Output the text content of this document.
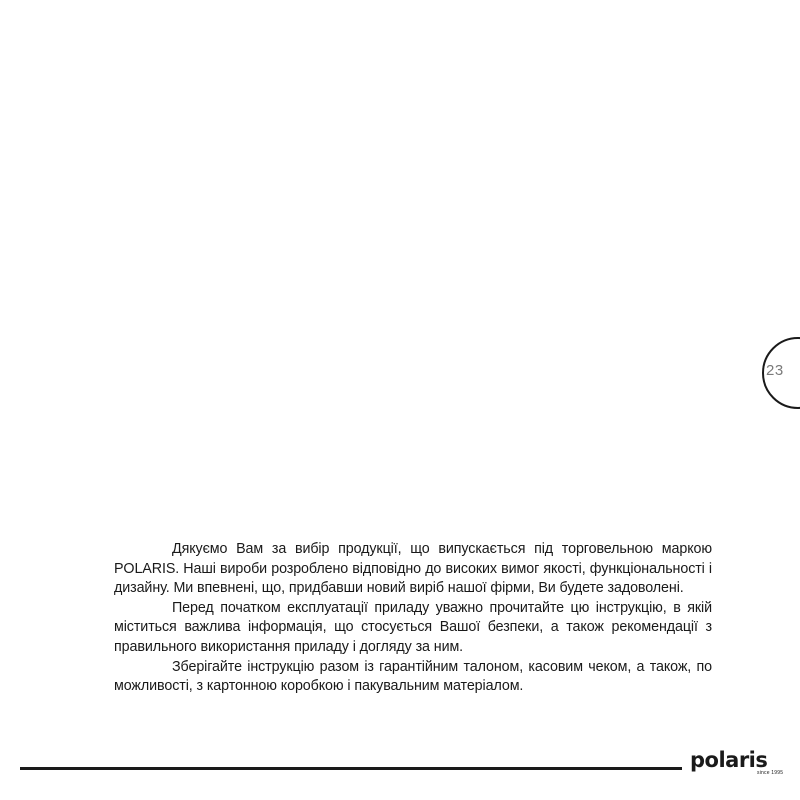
23

Дякуємо Вам за вибір продукції, що випускається під торговельною маркою POLARIS. Наші вироби розроблено відповідно до високих вимог якості, функціональності і дизайну. Ми впевнені, що, придбавши новий виріб нашої фірми, Ви будете задоволені.

Перед початком експлуатації приладу уважно прочитайте цю інструкцію, в якій міститься важлива інформація, що стосується Вашої безпеки, а також рекомендації з правильного використання приладу і догляду за ним.

Зберігайте інструкцію разом із гарантійним талоном, касовим чеком, а також, по можливості, з картонною коробкою і пакувальним матеріалом.

polaris
since 1995
